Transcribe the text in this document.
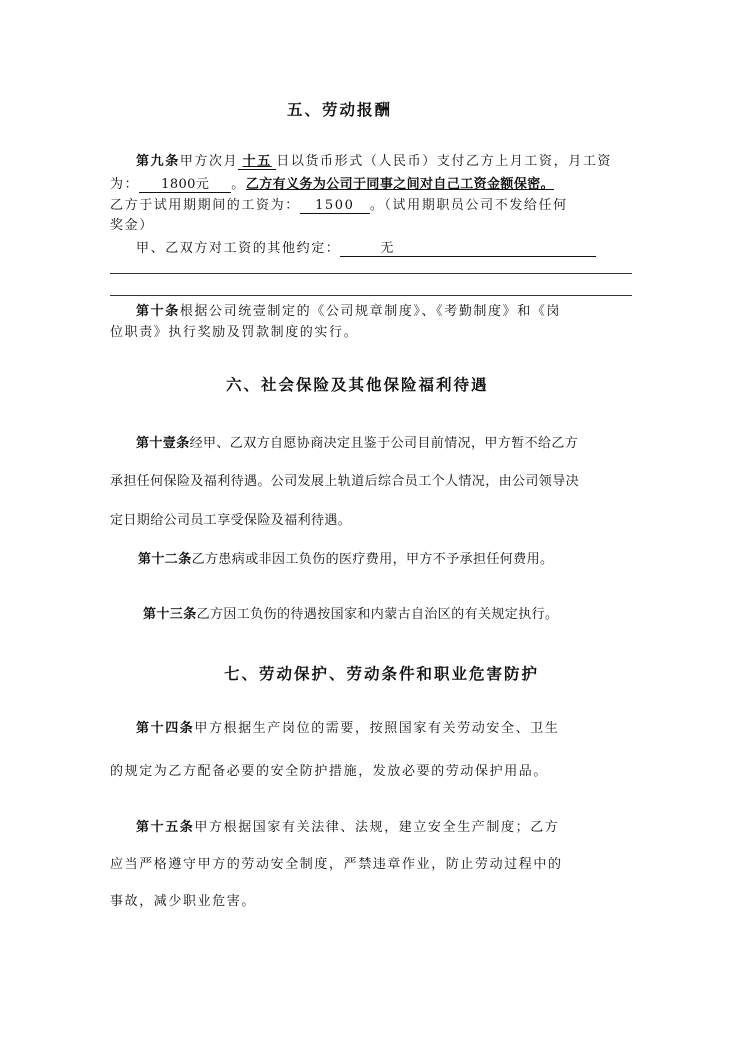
五、劳动报酬
第九条甲方次月 十五 日以货币形式（人民币）支付乙方上月工资，月工资
为： 1800元 。乙方有义务为公司于同事之间对自己工资金额保密。
乙方于试用期期间的工资为： 1500 。（试用期职员公司不发给任何
奖金）
甲、乙双方对工资的其他约定：	无
第十条根据公司统壹制定的《公司规章制度》、《考勤制度》和《岗
位职责》执行奖励及罚款制度的实行。
六、社会保险及其他保险福利待遇
第十壹条经甲、乙双方自愿协商决定且鉴于公司目前情况，甲方暂不给乙方
承担任何保险及福利待遇。公司发展上轨道后综合员工个人情况，由公司领导决
定日期给公司员工享受保险及福利待遇。
第十二条乙方患病或非因工负伤的医疗费用，甲方不予承担任何费用。
第十三条乙方因工负伤的待遇按国家和内蒙古自治区的有关规定执行。
七、劳动保护、劳动条件和职业危害防护
第十四条甲方根据生产岗位的需要，按照国家有关劳动安全、卫生
的规定为乙方配备必要的安全防护措施，发放必要的劳动保护用品。
第十五条甲方根据国家有关法律、法规，建立安全生产制度；乙方
应当严格遵守甲方的劳动安全制度，严禁违章作业，防止劳动过程中的
事故，减少职业危害。
